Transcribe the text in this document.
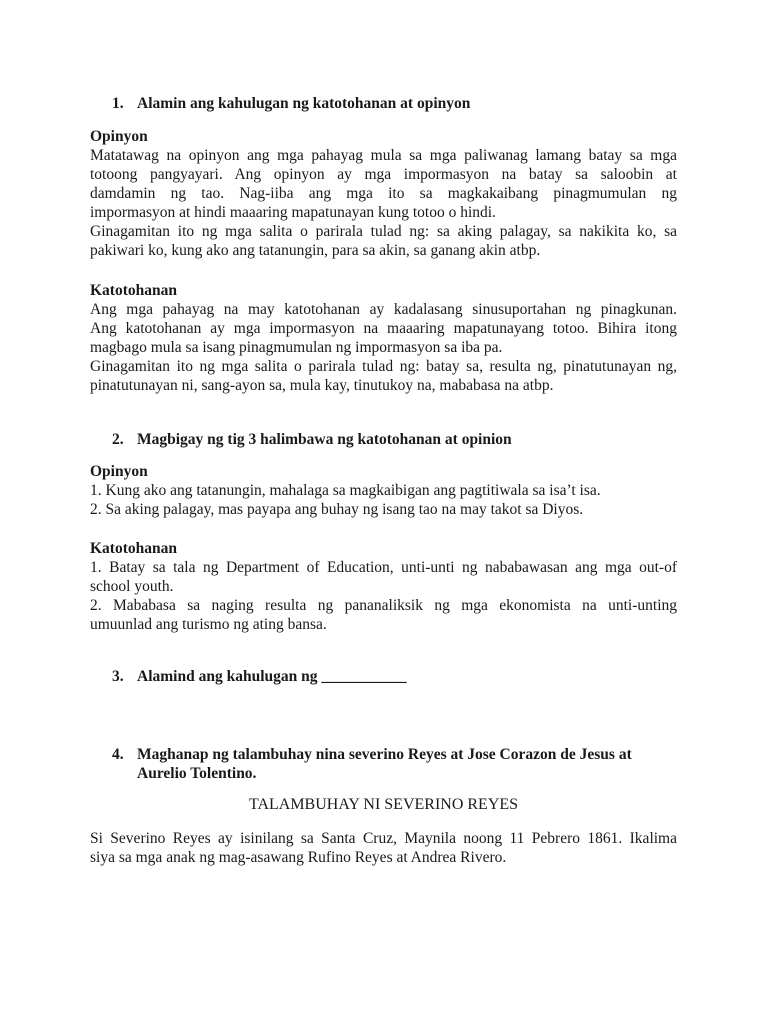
1. Alamin ang kahulugan ng katotohanan at opinyon

Opinyon

Matatawag na opinyon ang mga pahayag mula sa mga paliwanag lamang batay sa mga
totoong pangyayari. Ang opinyon ay mga impormasyon na batay sa saloobin at
damdamin ng tao. Nag-iiba ang mga ito sa magkakaibang pinagmumulan ng
impormasyon at hindi maaaring mapatunayan kung totoo o hindi.
Ginagamitan ito ng mga salita o parirala tulad ng: sa aking palagay, sa nakikita ko, sa
pakiwari ko, kung ako ang tatanungin, para sa akin, sa ganang akin atbp.

Katotohanan

Ang mga pahayag na may katotohanan ay kadalasang sinusuportahan ng pinagkunan.
Ang katotohanan ay mga impormasyon na maaaring mapatunayang totoo. Bihira itong
magbago mula sa isang pinagmumulan ng impormasyon sa iba pa.
Ginagamitan ito ng mga salita o parirala tulad ng: batay sa, resulta ng, pinatutunayan ng,
pinatutunayan ni, sang-ayon sa, mula kay, tinutukoy na, mababasa na atbp.

2. Magbigay ng tig 3 halimbawa ng katotohanan at opinion

Opinyon

1. Kung ako ang tatanungin, mahalaga sa magkaibigan ang pagtitiwala sa isa’t isa.
2. Sa aking palagay, mas payapa ang buhay ng isang tao na may takot sa Diyos.

Katotohanan

1. Batay sa tala ng Department of Education, unti-unti ng nababawasan ang mga out-of
school youth.
2. Mababasa sa naging resulta ng pananaliksik ng mga ekonomista na unti-unting
umuunlad ang turismo ng ating bansa.

3. Alamind ang kahulugan ng ___________
4. Maghanap ng talambuhay nina severino Reyes at Jose Corazon de Jesus at
Aurelio Tolentino.
TALAMBUHAY NI SEVERINO REYES

Si Severino Reyes ay isinilang sa Santa Cruz, Maynila noong 11 Pebrero 1861. Ikalima
siya sa mga anak ng mag-asawang Rufino Reyes at Andrea Rivero.
